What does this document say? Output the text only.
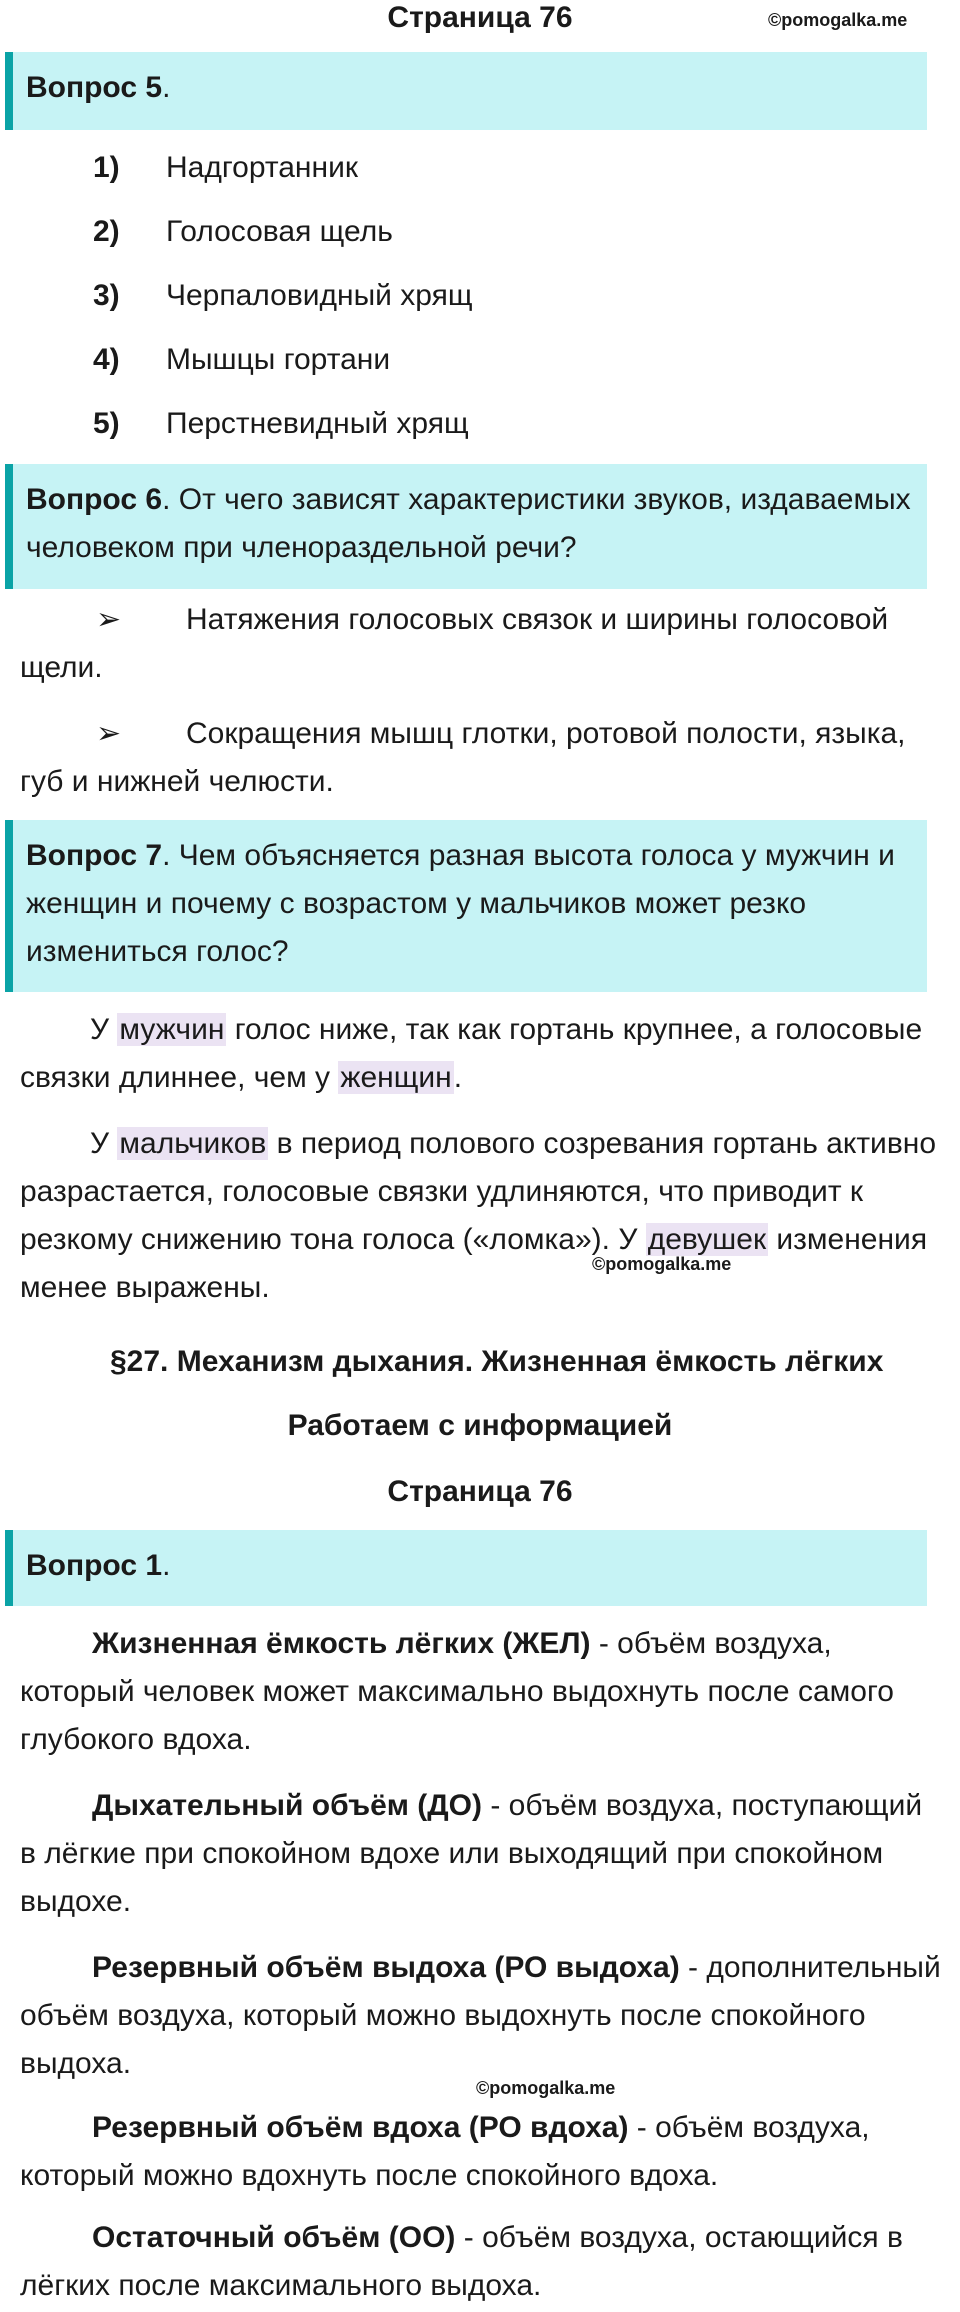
Страница 76	©pomogalka.me
Вопрос 5.
1) Надгортанник
2) Голосовая щель
3) Черпаловидный хрящ
4) Мышцы гортани
5) Перстневидный хрящ
Вопрос 6. От чего зависят характеристики звуков, издаваемых человеком при членораздельной речи?
➢ Натяжения голосовых связок и ширины голосовой щели.
➢ Сокращения мышц глотки, ротовой полости, языка, губ и нижней челюсти.
Вопрос 7. Чем объясняется разная высота голоса у мужчин и женщин и почему с возрастом у мальчиков может резко измениться голос?
У мужчин голос ниже, так как гортань крупнее, а голосовые связки длиннее, чем у женщин.
У мальчиков в период полового созревания гортань активно разрастается, голосовые связки удлиняются, что приводит к резкому снижению тона голоса («ломка»). У девушек изменения менее выражены.
©pomogalka.me
§27. Механизм дыхания. Жизненная ёмкость лёгких
Работаем с информацией
Страница 76
Вопрос 1.
Жизненная ёмкость лёгких (ЖЕЛ) - объём воздуха, который человек может максимально выдохнуть после самого глубокого вдоха.
Дыхательный объём (ДО) - объём воздуха, поступающий в лёгкие при спокойном вдохе или выходящий при спокойном выдохе.
Резервный объём выдоха (РО выдоха) - дополнительный объём воздуха, который можно выдохнуть после спокойного выдоха.
©pomogalka.me
Резервный объём вдоха (РО вдоха) - объём воздуха, который можно вдохнуть после спокойного вдоха.
Остаточный объём (ОО) - объём воздуха, остающийся в лёгких после максимального выдоха.
